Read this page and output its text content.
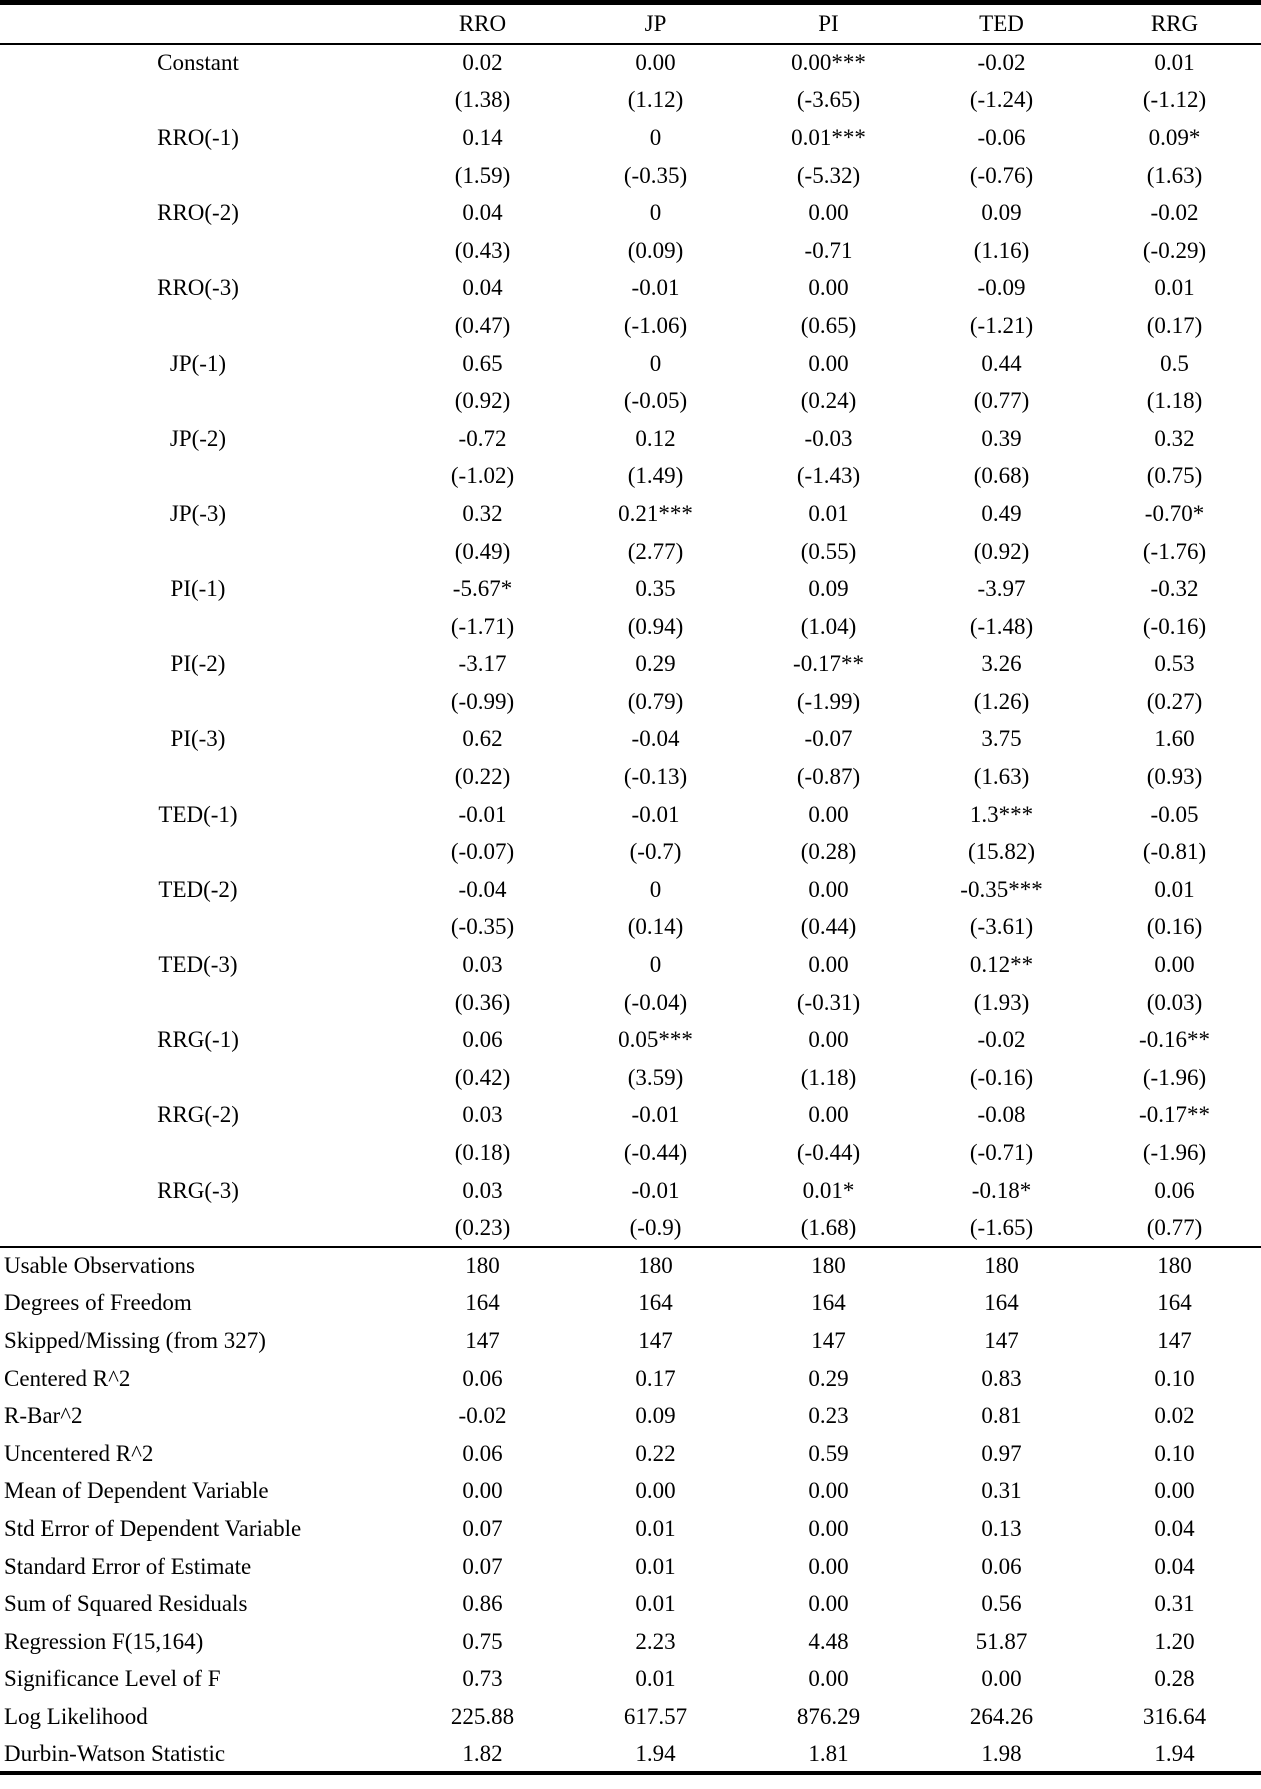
	RRO	JP	PI	TED	RRG
Constant	0.02	0.00	0.00***	-0.02	0.01
	(1.38)	(1.12)	(-3.65)	(-1.24)	(-1.12)
RRO(-1)	0.14	0	0.01***	-0.06	0.09*
	(1.59)	(-0.35)	(-5.32)	(-0.76)	(1.63)
RRO(-2)	0.04	0	0.00	0.09	-0.02
	(0.43)	(0.09)	-0.71	(1.16)	(-0.29)
RRO(-3)	0.04	-0.01	0.00	-0.09	0.01
	(0.47)	(-1.06)	(0.65)	(-1.21)	(0.17)
JP(-1)	0.65	0	0.00	0.44	0.5
	(0.92)	(-0.05)	(0.24)	(0.77)	(1.18)
JP(-2)	-0.72	0.12	-0.03	0.39	0.32
	(-1.02)	(1.49)	(-1.43)	(0.68)	(0.75)
JP(-3)	0.32	0.21***	0.01	0.49	-0.70*
	(0.49)	(2.77)	(0.55)	(0.92)	(-1.76)
PI(-1)	-5.67*	0.35	0.09	-3.97	-0.32
	(-1.71)	(0.94)	(1.04)	(-1.48)	(-0.16)
PI(-2)	-3.17	0.29	-0.17**	3.26	0.53
	(-0.99)	(0.79)	(-1.99)	(1.26)	(0.27)
PI(-3)	0.62	-0.04	-0.07	3.75	1.60
	(0.22)	(-0.13)	(-0.87)	(1.63)	(0.93)
TED(-1)	-0.01	-0.01	0.00	1.3***	-0.05
	(-0.07)	(-0.7)	(0.28)	(15.82)	(-0.81)
TED(-2)	-0.04	0	0.00	-0.35***	0.01
	(-0.35)	(0.14)	(0.44)	(-3.61)	(0.16)
TED(-3)	0.03	0	0.00	0.12**	0.00
	(0.36)	(-0.04)	(-0.31)	(1.93)	(0.03)
RRG(-1)	0.06	0.05***	0.00	-0.02	-0.16**
	(0.42)	(3.59)	(1.18)	(-0.16)	(-1.96)
RRG(-2)	0.03	-0.01	0.00	-0.08	-0.17**
	(0.18)	(-0.44)	(-0.44)	(-0.71)	(-1.96)
RRG(-3)	0.03	-0.01	0.01*	-0.18*	0.06
	(0.23)	(-0.9)	(1.68)	(-1.65)	(0.77)
Usable Observations	180	180	180	180	180
Degrees of Freedom	164	164	164	164	164
Skipped/Missing (from 327)	147	147	147	147	147
Centered R^2	0.06	0.17	0.29	0.83	0.10
R-Bar^2	-0.02	0.09	0.23	0.81	0.02
Uncentered R^2	0.06	0.22	0.59	0.97	0.10
Mean of Dependent Variable	0.00	0.00	0.00	0.31	0.00
Std Error of Dependent Variable	0.07	0.01	0.00	0.13	0.04
Standard Error of Estimate	0.07	0.01	0.00	0.06	0.04
Sum of Squared Residuals	0.86	0.01	0.00	0.56	0.31
Regression F(15,164)	0.75	2.23	4.48	51.87	1.20
Significance Level of F	0.73	0.01	0.00	0.00	0.28
Log Likelihood	225.88	617.57	876.29	264.26	316.64
Durbin-Watson Statistic	1.82	1.94	1.81	1.98	1.94
